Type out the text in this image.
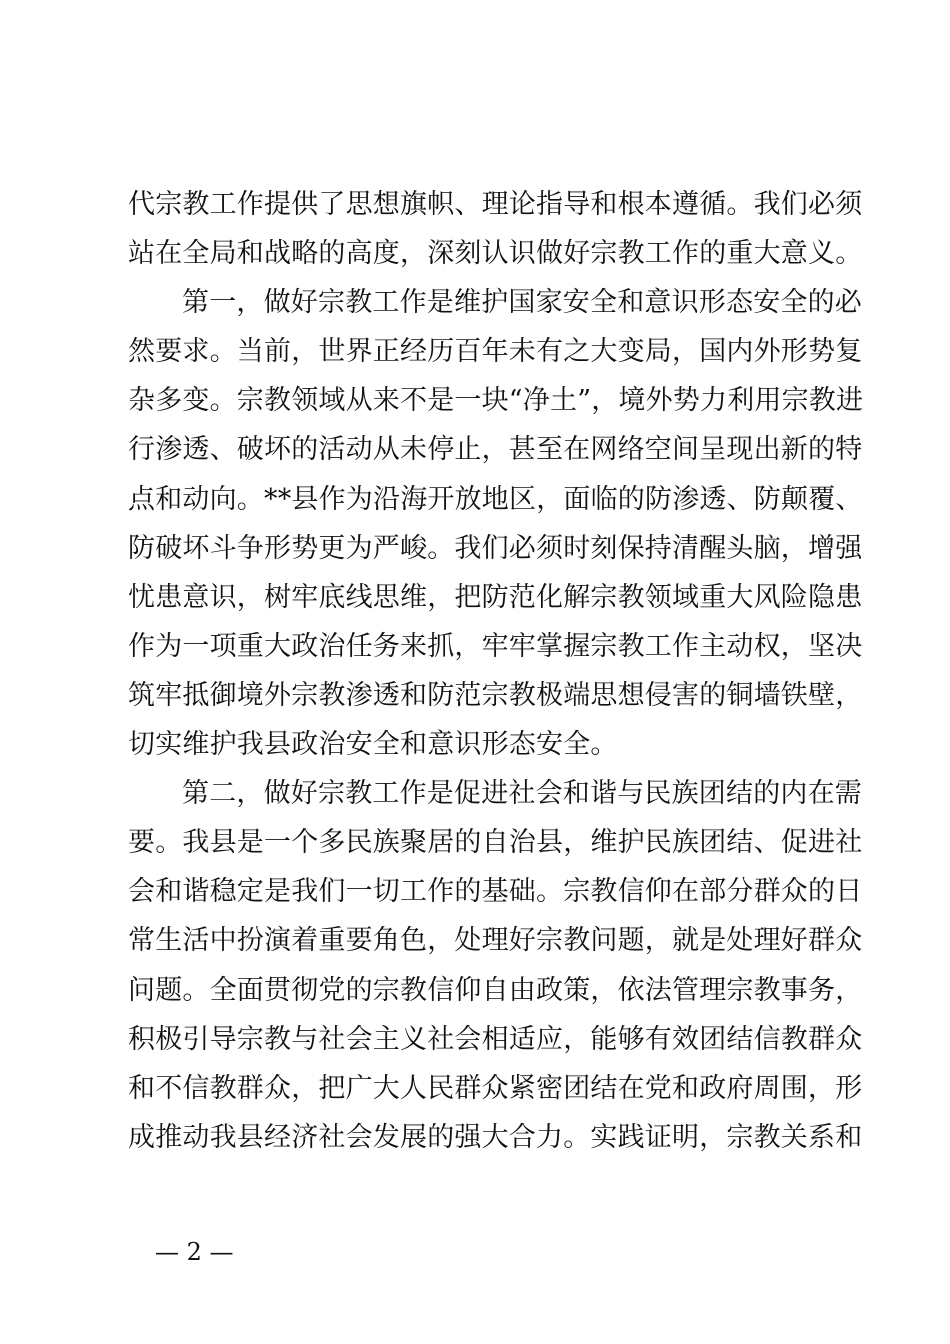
代宗教工作提供了思想旗帜、理论指导和根本遵循。我们必须
站在全局和战略的高度，深刻认识做好宗教工作的重大意义。
第一，做好宗教工作是维护国家安全和意识形态安全的必
然要求。当前，世界正经历百年未有之大变局，国内外形势复
杂多变。宗教领域从来不是一块“净土”，境外势力利用宗教进
行渗透、破坏的活动从未停止，甚至在网络空间呈现出新的特
点和动向。**县作为沿海开放地区，面临的防渗透、防颠覆、
防破坏斗争形势更为严峻。我们必须时刻保持清醒头脑，增强
忧患意识，树牢底线思维，把防范化解宗教领域重大风险隐患
作为一项重大政治任务来抓，牢牢掌握宗教工作主动权，坚决
筑牢抵御境外宗教渗透和防范宗教极端思想侵害的铜墙铁壁，
切实维护我县政治安全和意识形态安全。
第二，做好宗教工作是促进社会和谐与民族团结的内在需
要。我县是一个多民族聚居的自治县，维护民族团结、促进社
会和谐稳定是我们一切工作的基础。宗教信仰在部分群众的日
常生活中扮演着重要角色，处理好宗教问题，就是处理好群众
问题。全面贯彻党的宗教信仰自由政策，依法管理宗教事务，
积极引导宗教与社会主义社会相适应，能够有效团结信教群众
和不信教群众，把广大人民群众紧密团结在党和政府周围，形
成推动我县经济社会发展的强大合力。实践证明，宗教关系和
— 2 —
